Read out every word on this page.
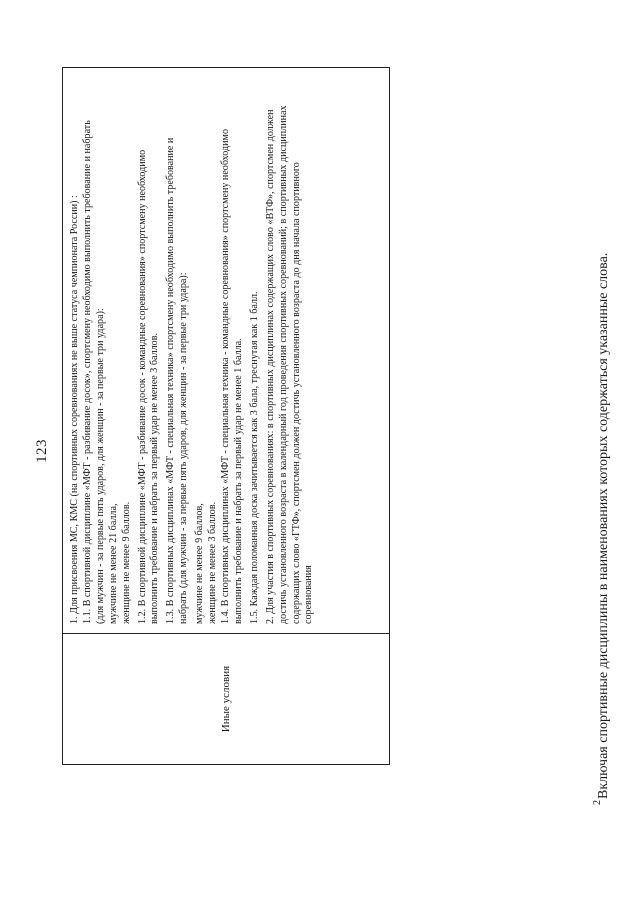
123
Иные условия

1. Для присвоения МС, КМС (на спортивных соревнованиях не выше статуса чемпионата России) : 1.1. В спортивной дисциплине «МФТ - разбивание досок», спортсмену необходимо выполнить требование и набрать (для мужчин - за первые пять ударов, для женщин - за первые три удара): мужчине не менее 21 балла, женщине не менее 9 баллов. 1.2. В спортивной дисциплине «МФТ - разбивание досок - командные соревнования» спортсмену необходимо выполнить требование и набрать за первый удар не менее 3 баллов. 1.3. В спортивных дисциплинах «МФТ - специальная техника» спортсмену необходимо выполнить требование и набрать (для мужчин - за первые пять ударов, для женщин - за первые три удара): мужчине не менее 9 баллов, женщине не менее 3 баллов. 1.4. В спортивных дисциплинах «МФТ - специальная техника - командные соревнования» спортсмену необходимо выполнить требование и набрать за первый удар не менее 1 балла. 1.5. Каждая поломанная доска зачитывается как 3 бала, треснутая как 1 балл. 2. Для участия в спортивных соревнованиях: в спортивных дисциплинах содержащих слово «ВТФ», спортсмен должен достичь установленного возраста в календарный год проведения спортивных соревнований; в спортивных дисциплинах содержащих слово «ГТФ», спортсмен должен достичь установленного возраста до дня начала спортивного соревнования

$^2$Включая спортивные дисциплины в наименованиях которых содержаться указанные слова.
